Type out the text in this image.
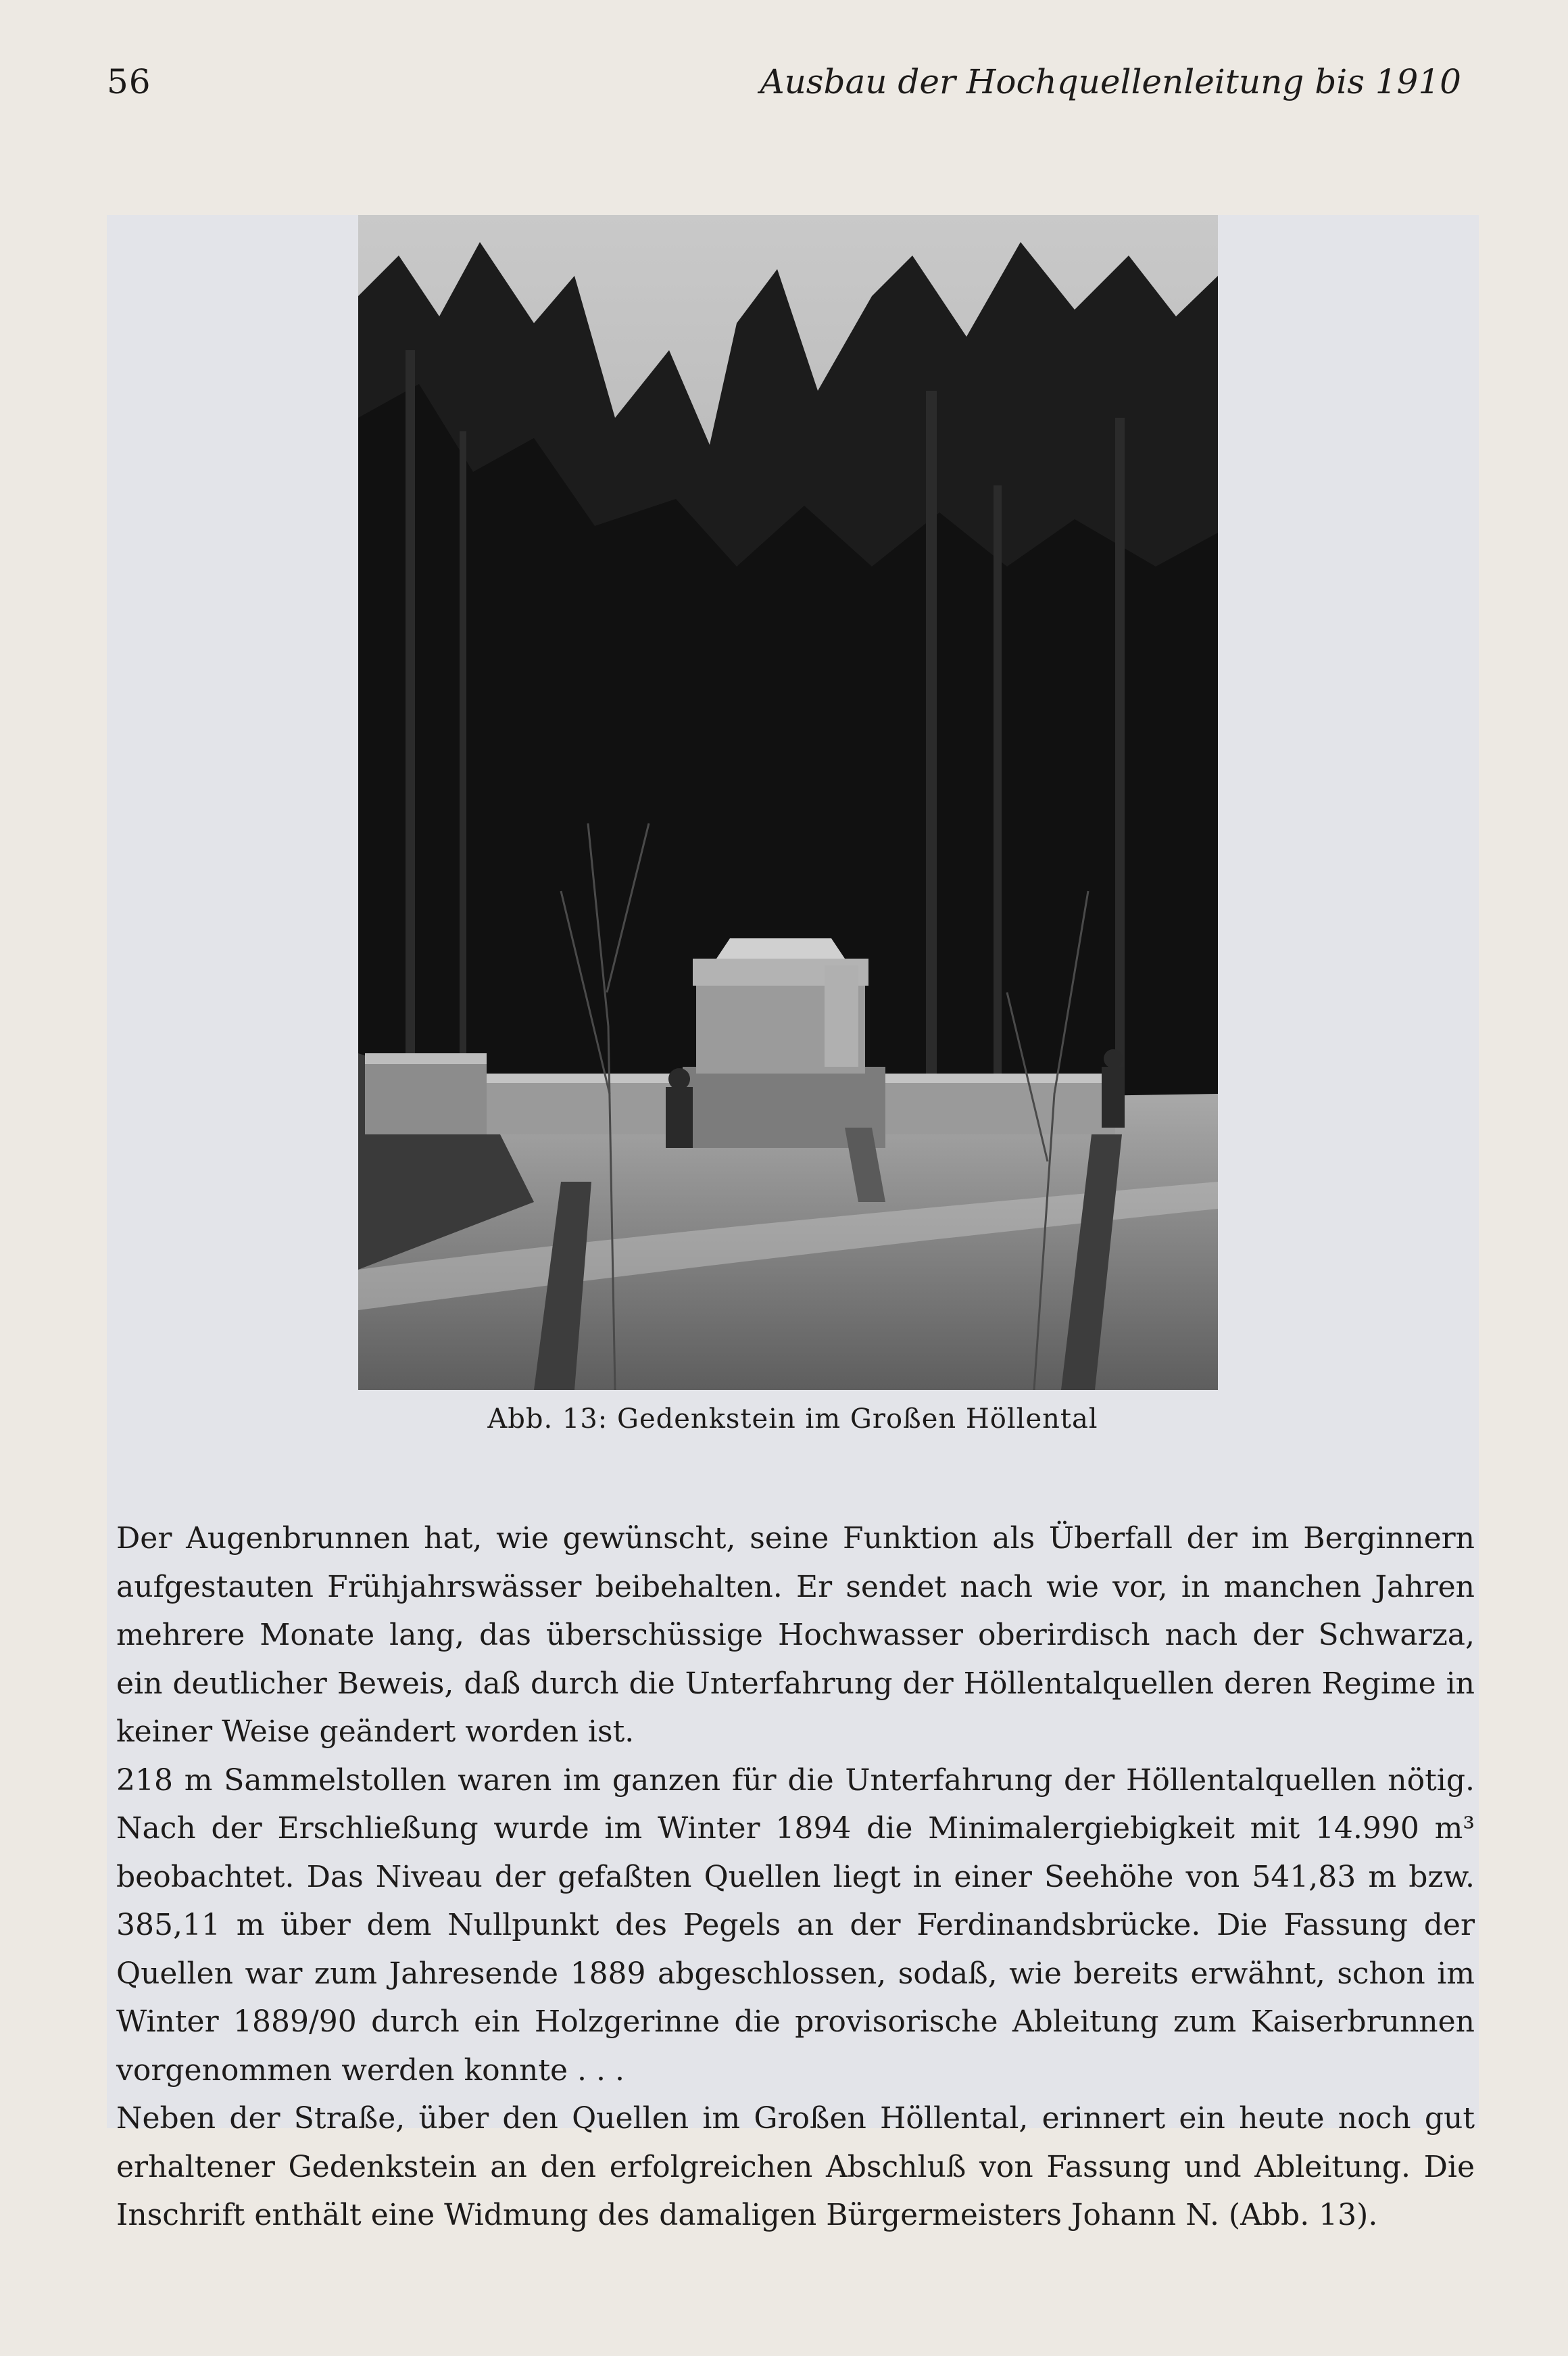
56	Ausbau der Hochquellenleitung bis 1910
Abb. 13: Gedenkstein im Großen Höllental

Der Augenbrunnen hat, wie gewünscht, seine Funktion als Überfall der im Berginnern aufgestauten Frühjahrswässer beibehalten. Er sendet nach wie vor, in manchen Jahren mehrere Monate lang, das überschüssige Hochwasser oberirdisch nach der Schwarza, ein deutlicher Beweis, daß durch die Unterfahrung der Höllentalquellen deren Regime in keiner Weise geändert worden ist.

218 m Sammelstollen waren im ganzen für die Unterfahrung der Höllentalquellen nötig. Nach der Erschließung wurde im Winter 1894 die Minimalergiebigkeit mit 14.990 m³ beobachtet. Das Niveau der gefaßten Quellen liegt in einer Seehöhe von 541,83 m bzw. 385,11 m über dem Nullpunkt des Pegels an der Ferdinandsbrücke. Die Fassung der Quellen war zum Jahresende 1889 abgeschlossen, sodaß, wie bereits erwähnt, schon im Winter 1889/90 durch ein Holzgerinne die provisorische Ableitung zum Kaiserbrunnen vorgenommen werden konnte . . .

Neben der Straße, über den Quellen im Großen Höllental, erinnert ein heute noch gut erhaltener Gedenkstein an den erfolgreichen Abschluß von Fassung und Ableitung. Die Inschrift enthält eine Widmung des damaligen Bürgermeisters Johann N. (Abb. 13).
